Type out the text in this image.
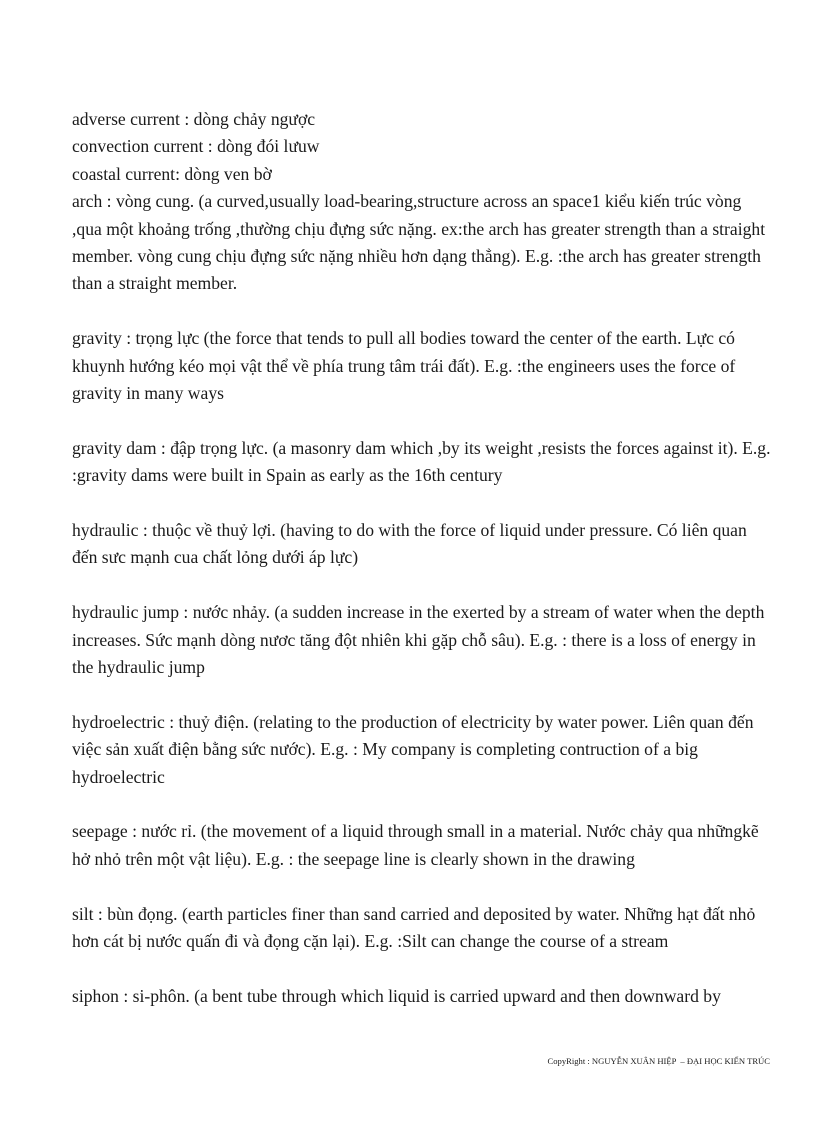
adverse current : dòng chảy ngược

convection current : dòng đói lưuw

coastal current: dòng ven bờ

arch : vòng cung. (a curved,usually load-bearing,structure across an space1 kiểu kiến trúc vòng ,qua một khoảng trống ,thường chịu đựng sức nặng. ex:the arch has greater strength than a straight member. vòng cung chịu đựng sức nặng nhiều hơn dạng thẳng). E.g. :the arch has greater strength than a straight member.

gravity : trọng lực (the force that tends to pull all bodies toward the center of the earth. Lực có khuynh hướng kéo mọi vật thể về phía trung tâm trái đất). E.g. :the engineers uses the force of gravity in many ways

gravity dam : đập trọng lực. (a masonry dam which ,by its weight ,resists the forces against it). E.g. :gravity dams were built in Spain as early as the 16th century

hydraulic : thuộc về thuỷ lợi. (having to do with the force of liquid under pressure. Có liên quan đến sưc mạnh cua chất lỏng dưới áp lực)

hydraulic jump : nước nhảy. (a sudden increase in the exerted by a stream of water when the depth increases. Sức mạnh dòng nươc tăng đột nhiên khi gặp chỗ sâu). E.g. : there is a loss of energy in the hydraulic jump

hydroelectric : thuỷ điện. (relating to the production of electricity by water power. Liên quan đến việc sản xuất điện bằng sức nước). E.g. : My company is completing contruction of a big hydroelectric

seepage : nước rỉ. (the movement of a liquid through small in a material. Nước chảy qua nhữngkẽ hở nhỏ trên một vật liệu). E.g. : the seepage line is clearly shown in the drawing

silt : bùn đọng. (earth particles finer than sand carried and deposited by water. Những hạt đất nhỏ hơn cát bị nước quấn đi và đọng cặn lại). E.g. :Silt can change the course of a stream

siphon : si-phôn. (a bent tube through which liquid is carried upward and then downward by

CopyRight : NGUYỄN XUÂN HIỆP  – ĐẠI HỌC KIẾN TRÚC
